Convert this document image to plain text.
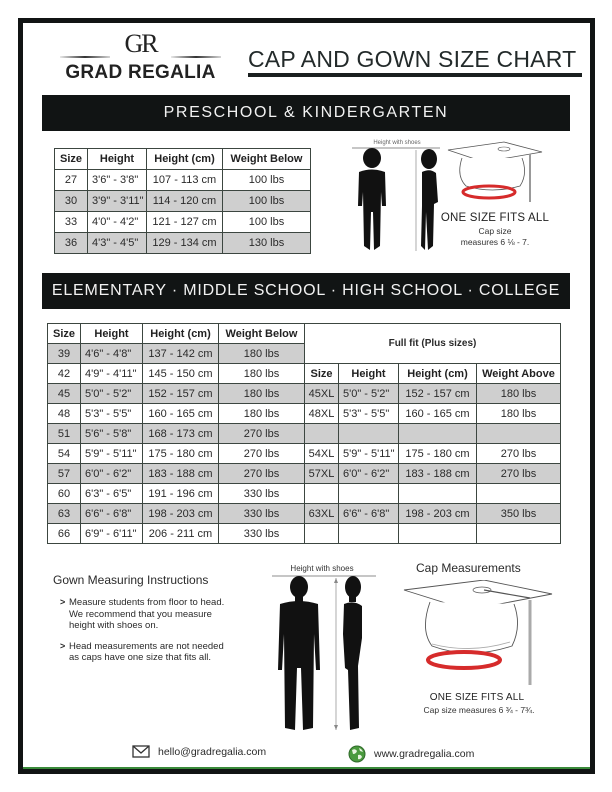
GR
GRAD REGALIA
CAP AND GOWN SIZE CHART
PRESCHOOL & KINDERGARTEN
Size	Height	Height (cm)	Weight Below
27	3'6" - 3'8"	107 - 113 cm	100 lbs
30	3'9" - 3'11"	114 - 120 cm	100 lbs
33	4'0" - 4'2"	121 - 127 cm	100 lbs
36	4'3" - 4'5"	129 - 134 cm	130 lbs
Height with shoes
ONE SIZE FITS ALL
Cap size
measures 6 ⅛ - 7.
ELEMENTARY · MIDDLE SCHOOL · HIGH SCHOOL · COLLEGE
Size	Height	Height (cm)	Weight Below	Full fit (Plus sizes)			
39	4'6" - 4'8"	137 - 142 cm	180 lbs				
42	4'9" - 4'11"	145 - 150 cm	180 lbs	Size	Height	Height (cm)	Weight Above
45	5'0" - 5'2"	152 - 157 cm	180 lbs	45XL	5'0" - 5'2"	152 - 157 cm	180 lbs
48	5'3" - 5'5"	160 - 165 cm	180 lbs	48XL	5'3" - 5'5"	160 - 165 cm	180 lbs
51	5'6" - 5'8"	168 - 173 cm	270 lbs				
54	5'9" - 5'11"	175 - 180 cm	270 lbs	54XL	5'9" - 5'11"	175 - 180 cm	270 lbs
57	6'0" - 6'2"	183 - 188 cm	270 lbs	57XL	6'0" - 6'2"	183 - 188 cm	270 lbs
60	6'3" - 6'5"	191 - 196 cm	330 lbs				
63	6'6" - 6'8"	198 - 203 cm	330 lbs	63XL	6'6" - 6'8"	198 - 203 cm	350 lbs
66	6'9" - 6'11"	206 - 211 cm	330 lbs				
Gown Measuring Instructions
> Measure students from floor to head. We recommend that you measure height with shoes on.
> Head measurements are not needed as caps have one size that fits all.
Height with shoes	Cap Measurements
ONE SIZE FITS ALL
Cap size measures 6 ¾ - 7¾.
hello@gradregalia.com	www.gradregalia.com
